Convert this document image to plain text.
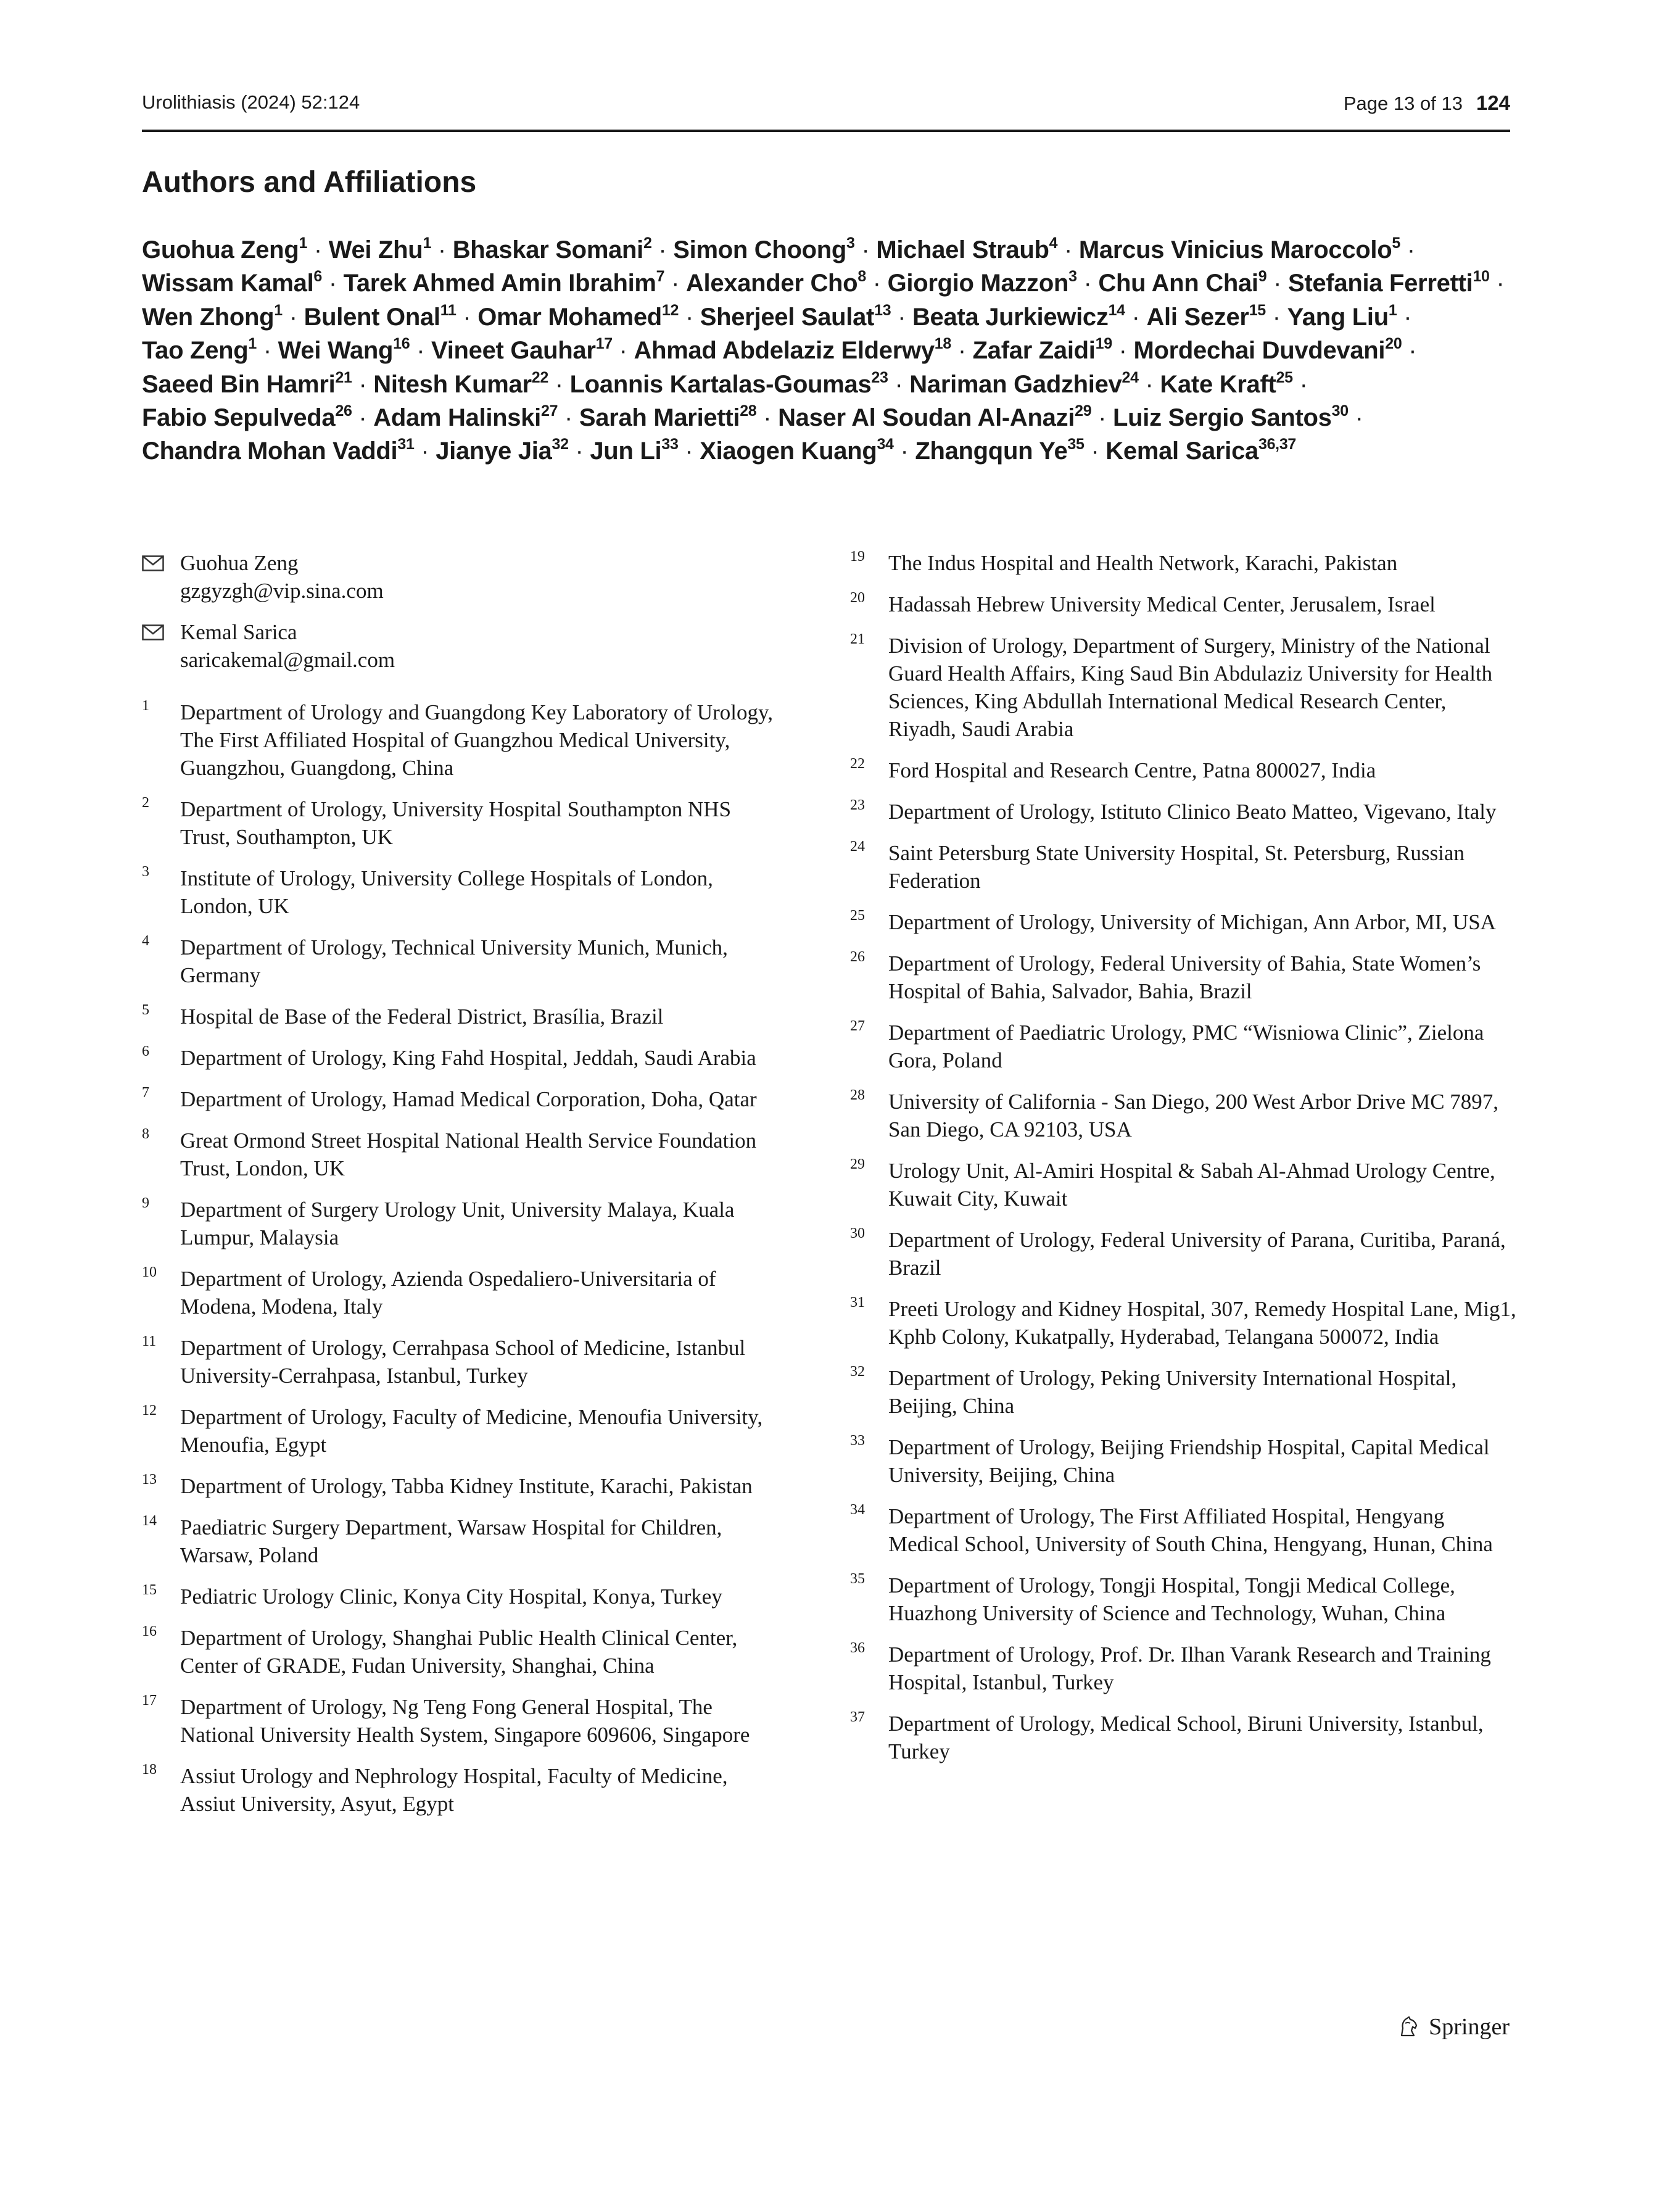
Urolithiasis (2024) 52:124	Page 13 of 13 124
Authors and Affiliations
Guohua Zeng$^1$ · Wei Zhu$^1$ · Bhaskar Somani$^2$ · Simon Choong$^3$ · Michael Straub$^4$ · Marcus Vinicius Maroccolo$^5$ · Wissam Kamal$^6$ · Tarek Ahmed Amin Ibrahim$^7$ · Alexander Cho$^8$ · Giorgio Mazzon$^3$ · Chu Ann Chai$^9$ · Stefania Ferretti$^{10}$ · Wen Zhong$^1$ · Bulent Onal$^{11}$ · Omar Mohamed$^{12}$ · Sherjeel Saulat$^{13}$ · Beata Jurkiewicz$^{14}$ · Ali Sezer$^{15}$ · Yang Liu$^1$ · Tao Zeng$^1$ · Wei Wang$^{16}$ · Vineet Gauhar$^{17}$ · Ahmad Abdelaziz Elderwy$^{18}$ · Zafar Zaidi$^{19}$ · Mordechai Duvdevani$^{20}$ · Saeed Bin Hamri$^{21}$ · Nitesh Kumar$^{22}$ · Loannis Kartalas-Goumas$^{23}$ · Nariman Gadzhiev$^{24}$ · Kate Kraft$^{25}$ · Fabio Sepulveda$^{26}$ · Adam Halinski$^{27}$ · Sarah Marietti$^{28}$ · Naser Al Soudan Al-Anazi$^{29}$ · Luiz Sergio Santos$^{30}$ · Chandra Mohan Vaddi$^{31}$ · Jianye Jia$^{32}$ · Jun $Li^{33}$ · Xiaogen Kuang$^{34}$ · Zhangqun $Ye^{35}$ · Kemal Sarica$^{36,37}$
Guohua Zeng
gzgyzgh@vip.sina.com
Kemal Sarica
saricakemal@gmail.com
1 Department of Urology and Guangdong Key Laboratory of Urology, The First Affiliated Hospital of Guangzhou Medical University, Guangzhou, Guangdong, China
2 Department of Urology, University Hospital Southampton NHS Trust, Southampton, UK
3 Institute of Urology, University College Hospitals of London, London, UK
4 Department of Urology, Technical University Munich, Munich, Germany
5 Hospital de Base of the Federal District, Brasília, Brazil
6 Department of Urology, King Fahd Hospital, Jeddah, Saudi Arabia
7 Department of Urology, Hamad Medical Corporation, Doha, Qatar
8 Great Ormond Street Hospital National Health Service Foundation Trust, London, UK
9 Department of Surgery Urology Unit, University Malaya, Kuala Lumpur, Malaysia
10 Department of Urology, Azienda Ospedaliero-Universitaria of Modena, Modena, Italy
11 Department of Urology, Cerrahpasa School of Medicine, Istanbul University-Cerrahpasa, Istanbul, Turkey
12 Department of Urology, Faculty of Medicine, Menoufia University, Menoufia, Egypt
13 Department of Urology, Tabba Kidney Institute, Karachi, Pakistan
14 Paediatric Surgery Department, Warsaw Hospital for Children, Warsaw, Poland
15 Pediatric Urology Clinic, Konya City Hospital, Konya, Turkey
16 Department of Urology, Shanghai Public Health Clinical Center, Center of GRADE, Fudan University, Shanghai, China
17 Department of Urology, Ng Teng Fong General Hospital, The National University Health System, Singapore 609606, Singapore
18 Assiut Urology and Nephrology Hospital, Faculty of Medicine, Assiut University, Asyut, Egypt
19 The Indus Hospital and Health Network, Karachi, Pakistan
20 Hadassah Hebrew University Medical Center, Jerusalem, Israel
21 Division of Urology, Department of Surgery, Ministry of the National Guard Health Affairs, King Saud Bin Abdulaziz University for Health Sciences, King Abdullah International Medical Research Center, Riyadh, Saudi Arabia
22 Ford Hospital and Research Centre, Patna 800027, India
23 Department of Urology, Istituto Clinico Beato Matteo, Vigevano, Italy
24 Saint Petersburg State University Hospital, St. Petersburg, Russian Federation
25 Department of Urology, University of Michigan, Ann Arbor, MI, USA
26 Department of Urology, Federal University of Bahia, State Women’s Hospital of Bahia, Salvador, Bahia, Brazil
27 Department of Paediatric Urology, PMC “Wisniowa Clinic”, Zielona Gora, Poland
28 University of California - San Diego, 200 West Arbor Drive MC 7897, San Diego, CA 92103, USA
29 Urology Unit, Al-Amiri Hospital & Sabah Al-Ahmad Urology Centre, Kuwait City, Kuwait
30 Department of Urology, Federal University of Parana, Curitiba, Paraná, Brazil
31 Preeti Urology and Kidney Hospital, 307, Remedy Hospital Lane, Mig1, Kphb Colony, Kukatpally, Hyderabad, Telangana 500072, India
32 Department of Urology, Peking University International Hospital, Beijing, China
33 Department of Urology, Beijing Friendship Hospital, Capital Medical University, Beijing, China
34 Department of Urology, The First Affiliated Hospital, Hengyang Medical School, University of South China, Hengyang, Hunan, China
35 Department of Urology, Tongji Hospital, Tongji Medical College, Huazhong University of Science and Technology, Wuhan, China
36 Department of Urology, Prof. Dr. Ilhan Varank Research and Training Hospital, Istanbul, Turkey
37 Department of Urology, Medical School, Biruni University, Istanbul, Turkey
Springer
